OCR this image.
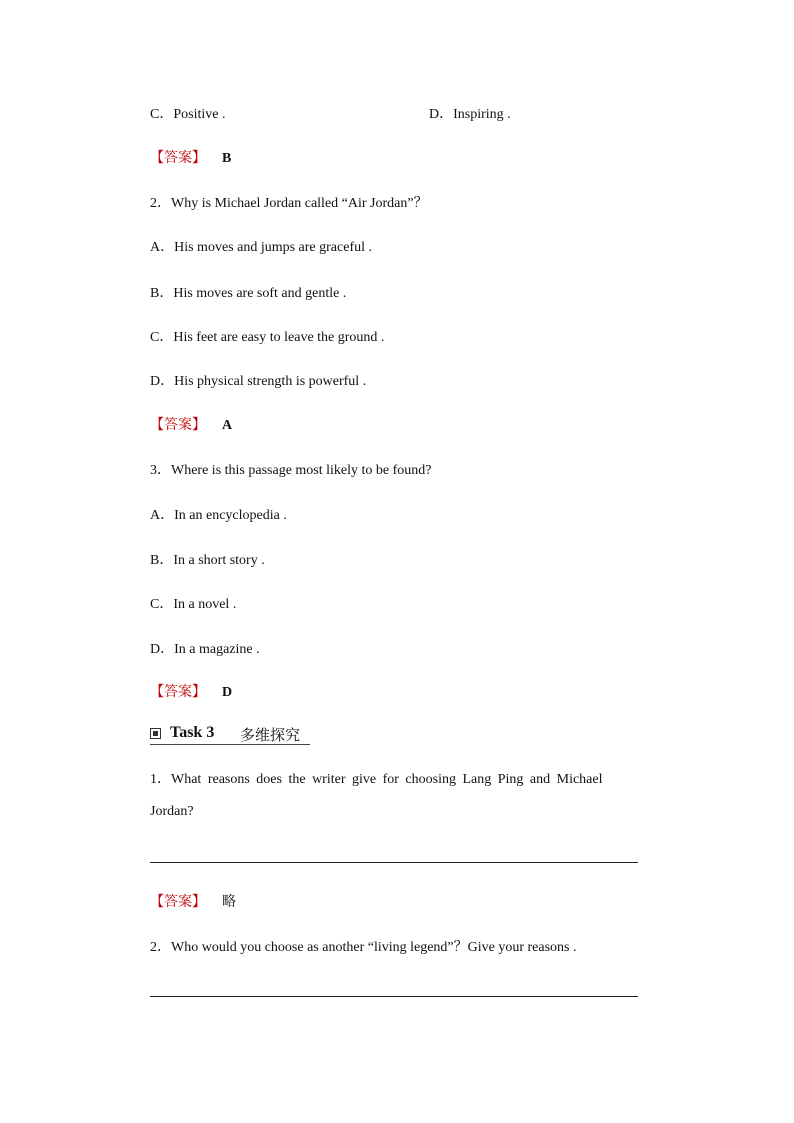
C．Positive .	D．Inspiring .
【答案】 B
2．Why is Michael Jordan called “Air Jordan”？
A．His moves and jumps are graceful .
B．His moves are soft and gentle .
C．His feet are easy to leave the ground .
D．His physical strength is powerful .
【答案】 A
3．Where is this passage most likely to be found?
A．In an encyclopedia .
B．In a short story .
C．In a novel .
D．In a magazine .
【答案】 D
Task 3 多维探究
1．What reasons does the writer give for choosing Lang Ping and Michael Jordan?
【答案】 略
2．Who would you choose as another “living legend”？Give your reasons .
